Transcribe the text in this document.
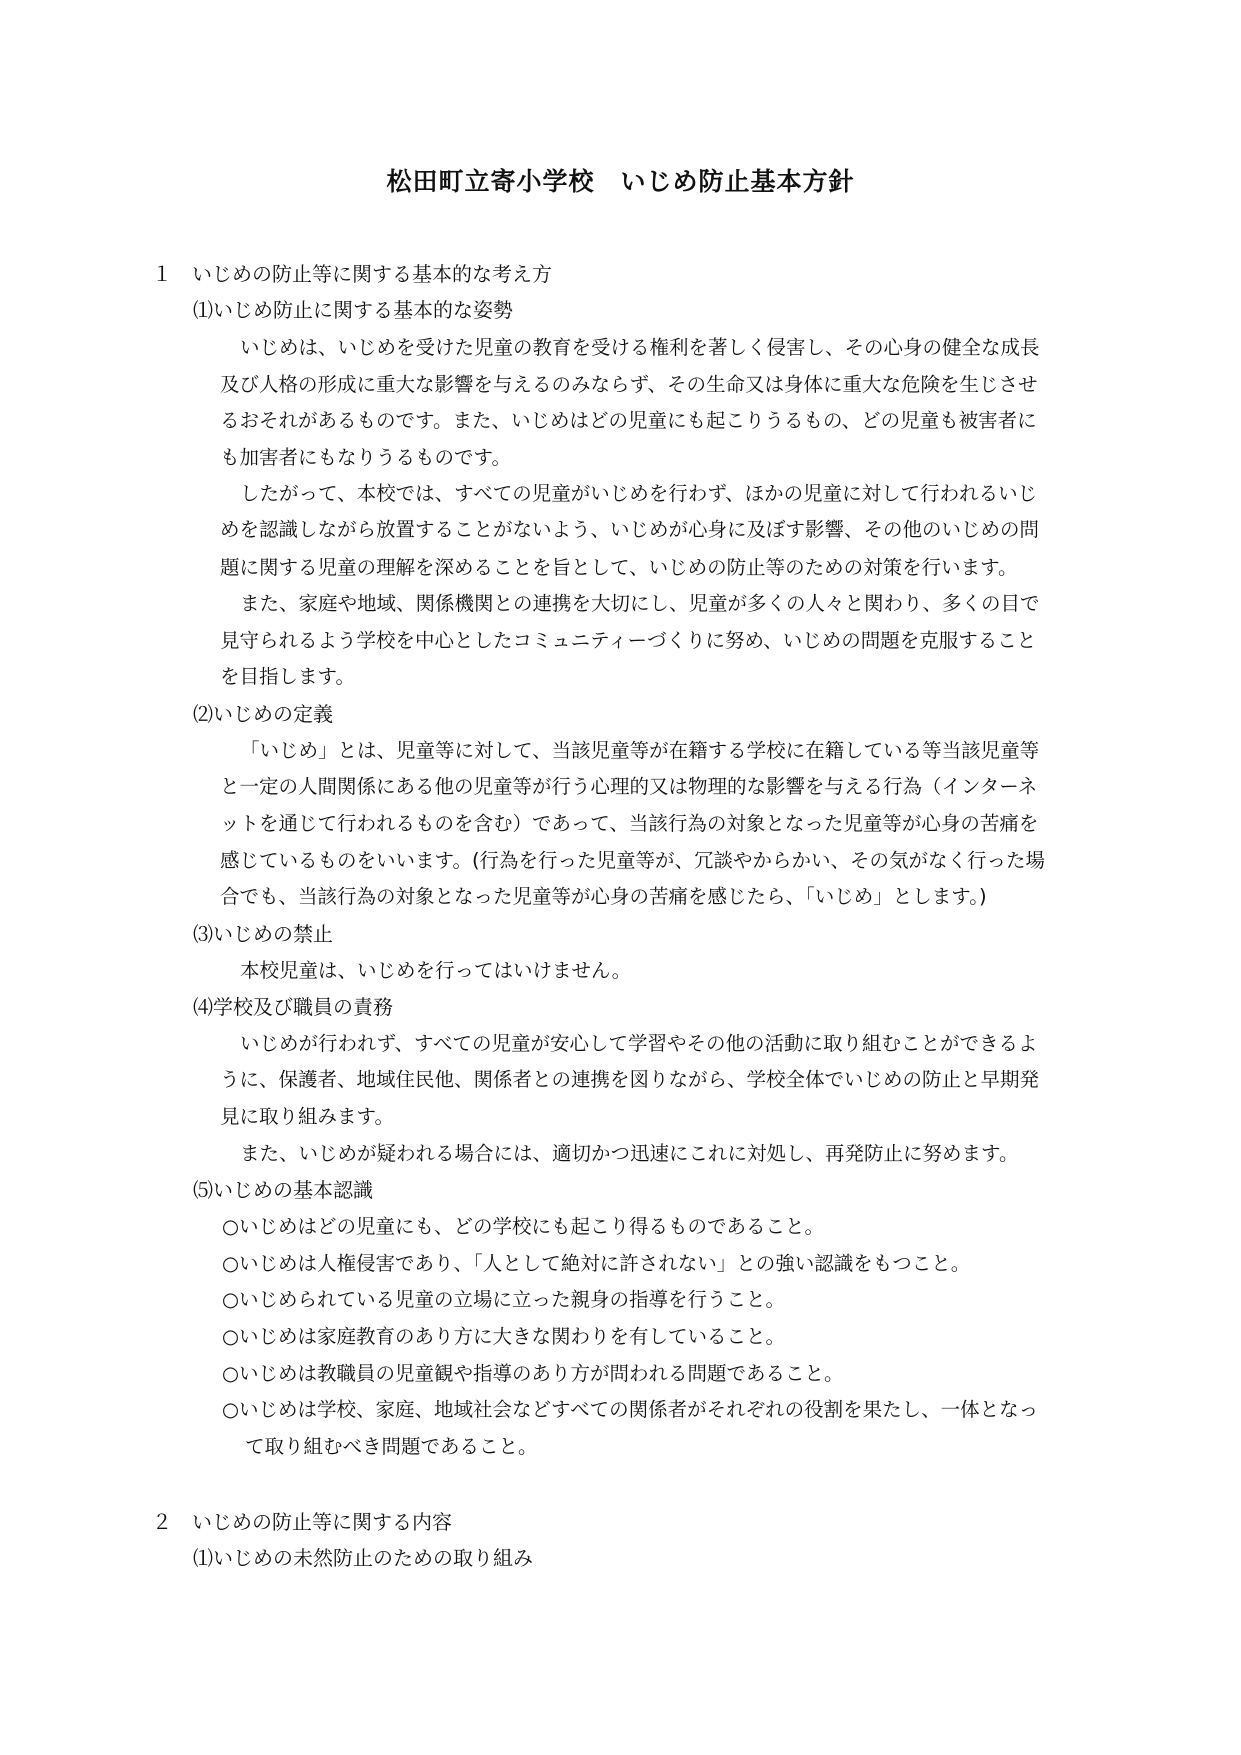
松田町立寄小学校　いじめ防止基本方針
１　いじめの防止等に関する基本的な考え方
⑴いじめ防止に関する基本的な姿勢
いじめは、いじめを受けた児童の教育を受ける権利を著しく侵害し、その心身の健全な成長
及び人格の形成に重大な影響を与えるのみならず、その生命又は身体に重大な危険を生じさせ
るおそれがあるものです。また、いじめはどの児童にも起こりうるもの、どの児童も被害者に
も加害者にもなりうるものです。
したがって、本校では、すべての児童がいじめを行わず、ほかの児童に対して行われるいじ
めを認識しながら放置することがないよう、いじめが心身に及ぼす影響、その他のいじめの問
題に関する児童の理解を深めることを旨として、いじめの防止等のための対策を行います。
また、家庭や地域、関係機関との連携を大切にし、児童が多くの人々と関わり、多くの目で
見守られるよう学校を中心としたコミュニティーづくりに努め、いじめの問題を克服すること
を目指します。
⑵いじめの定義
「いじめ」とは、児童等に対して、当該児童等が在籍する学校に在籍している等当該児童等
と一定の人間関係にある他の児童等が行う心理的又は物理的な影響を与える行為（インターネ
ットを通じて行われるものを含む）であって、当該行為の対象となった児童等が心身の苦痛を
感じているものをいいます。(行為を行った児童等が、冗談やからかい、その気がなく行った場
合でも、当該行為の対象となった児童等が心身の苦痛を感じたら、「いじめ」とします。)
⑶いじめの禁止
本校児童は、いじめを行ってはいけません。
⑷学校及び職員の責務
いじめが行われず、すべての児童が安心して学習やその他の活動に取り組むことができるよ
うに、保護者、地域住民他、関係者との連携を図りながら、学校全体でいじめの防止と早期発
見に取り組みます。
また、いじめが疑われる場合には、適切かつ迅速にこれに対処し、再発防止に努めます。
⑸いじめの基本認識
○いじめはどの児童にも、どの学校にも起こり得るものであること。
○いじめは人権侵害であり、「人として絶対に許されない」との強い認識をもつこと。
○いじめられている児童の立場に立った親身の指導を行うこと。
○いじめは家庭教育のあり方に大きな関わりを有していること。
○いじめは教職員の児童観や指導のあり方が問われる問題であること。
○いじめは学校、家庭、地域社会などすべての関係者がそれぞれの役割を果たし、一体となっ
て取り組むべき問題であること。
２　いじめの防止等に関する内容
⑴いじめの未然防止のための取り組み
